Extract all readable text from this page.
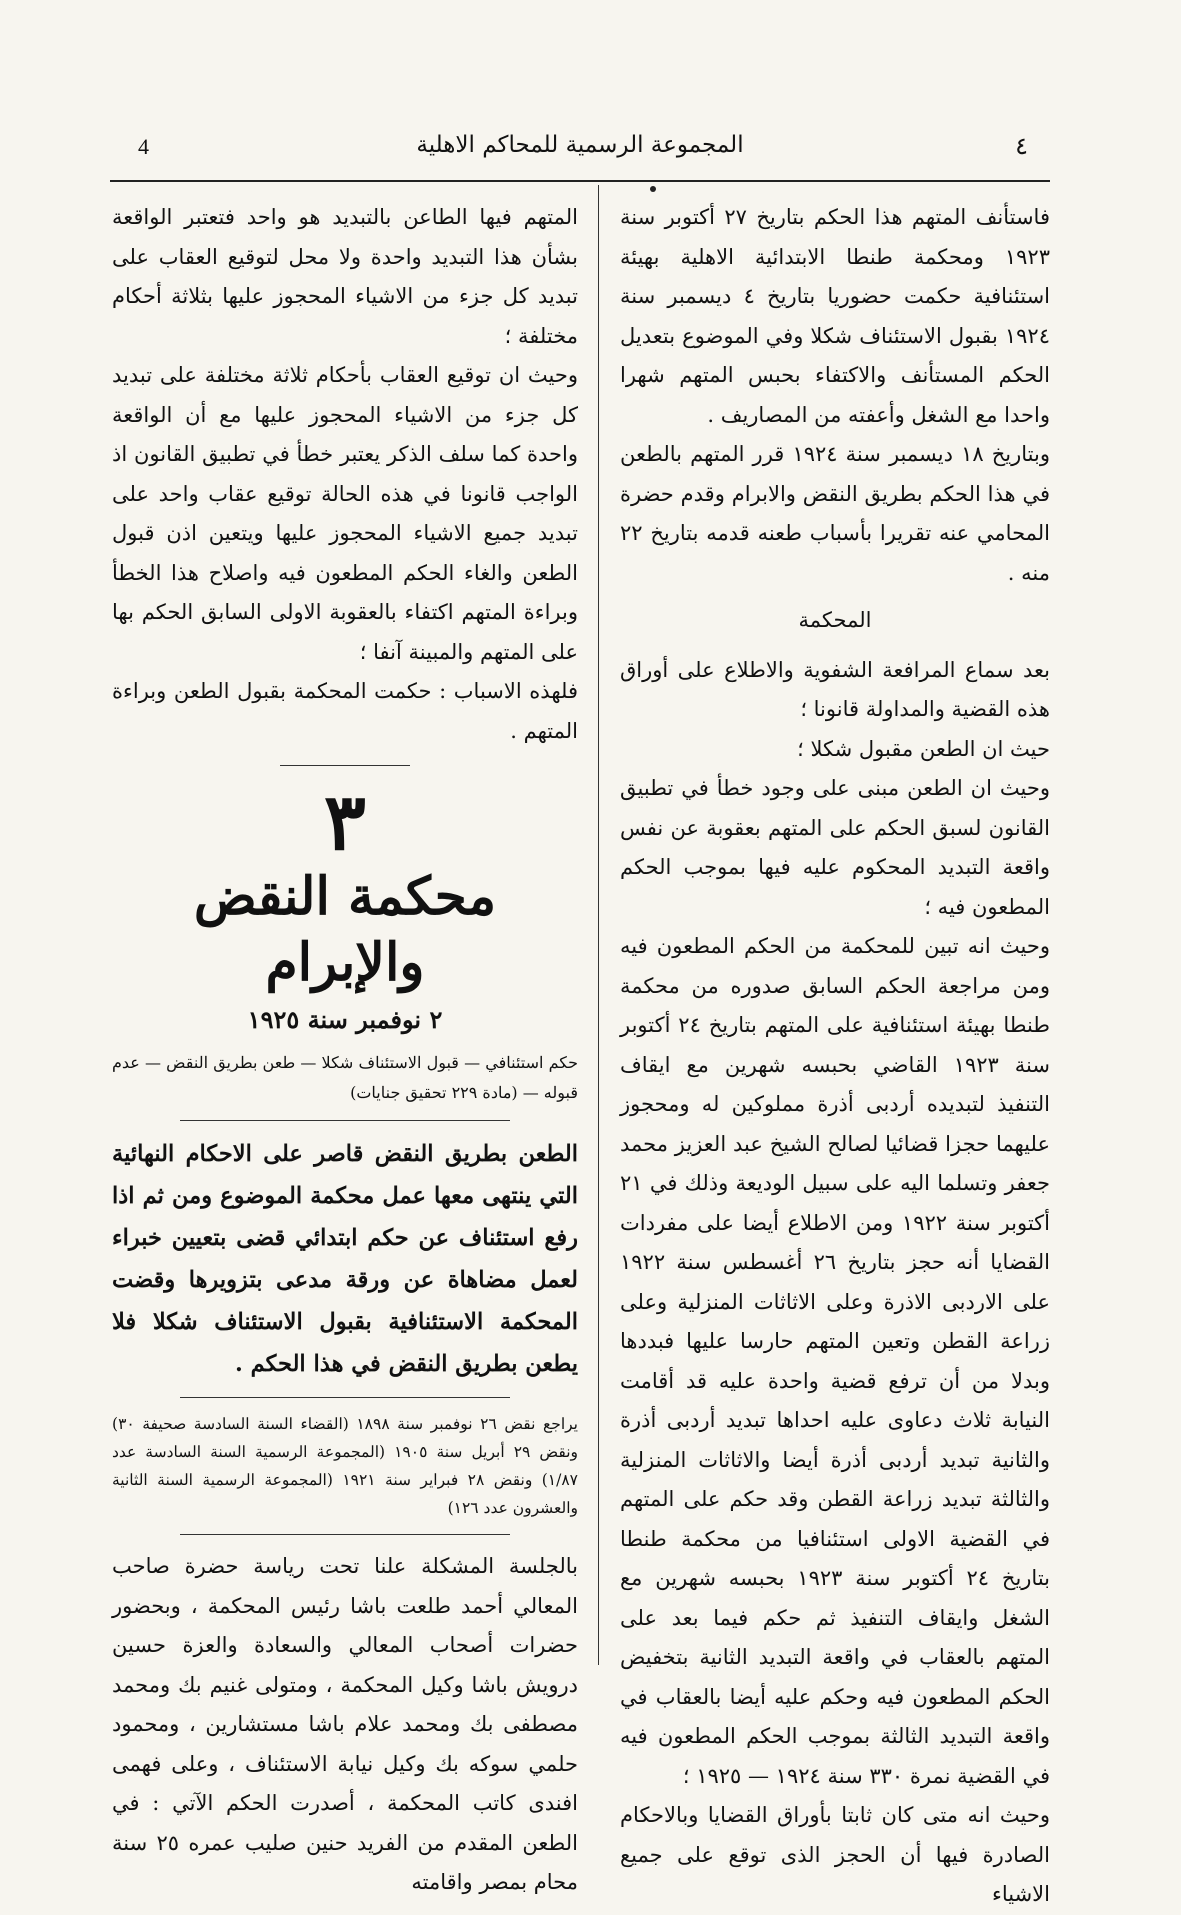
4	المجموعة الرسمية للمحاكم الاهلية	٤

فاستأنف المتهم هذا الحكم بتاريخ ٢٧ أكتوبر سنة ١٩٢٣ ومحكمة طنطا الابتدائية الاهلية بهيئة استئنافية حكمت حضوريا بتاريخ ٤ ديسمبر سنة ١٩٢٤ بقبول الاستئناف شكلا وفي الموضوع بتعديل الحكم المستأنف والاكتفاء بحبس المتهم شهرا واحدا مع الشغل وأعفته من المصاريف .

وبتاريخ ١٨ ديسمبر سنة ١٩٢٤ قرر المتهم بالطعن في هذا الحكم بطريق النقض والابرام وقدم حضرة المحامي عنه تقريرا بأسباب طعنه قدمه بتاريخ ٢٢ منه .

المحكمة

بعد سماع المرافعة الشفوية والاطلاع على أوراق هذه القضية والمداولة قانونا ؛

حيث ان الطعن مقبول شكلا ؛

وحيث ان الطعن مبنى على وجود خطأ في تطبيق القانون لسبق الحكم على المتهم بعقوبة عن نفس واقعة التبديد المحكوم عليه فيها بموجب الحكم المطعون فيه ؛

وحيث انه تبين للمحكمة من الحكم المطعون فيه ومن مراجعة الحكم السابق صدوره من محكمة طنطا بهيئة استئنافية على المتهم بتاريخ ٢٤ أكتوبر سنة ١٩٢٣ القاضي بحبسه شهرين مع ايقاف التنفيذ لتبديده أردبى أذرة مملوكين له ومحجوز عليهما حجزا قضائيا لصالح الشيخ عبد العزيز محمد جعفر وتسلما اليه على سبيل الوديعة وذلك في ٢١ أكتوبر سنة ١٩٢٢ ومن الاطلاع أيضا على مفردات القضايا أنه حجز بتاريخ ٢٦ أغسطس سنة ١٩٢٢ على الاردبى الاذرة وعلى الاثاثات المنزلية وعلى زراعة القطن وتعين المتهم حارسا عليها فبددها وبدلا من أن ترفع قضية واحدة عليه قد أقامت النيابة ثلاث دعاوى عليه احداها تبديد أردبى أذرة والثانية تبديد أردبى أذرة أيضا والاثاثات المنزلية والثالثة تبديد زراعة القطن وقد حكم على المتهم في القضية الاولى استئنافيا من محكمة طنطا بتاريخ ٢٤ أكتوبر سنة ١٩٢٣ بحبسه شهرين مع الشغل وايقاف التنفيذ ثم حكم فيما بعد على المتهم بالعقاب في واقعة التبديد الثانية بتخفيض الحكم المطعون فيه وحكم عليه أيضا بالعقاب في واقعة التبديد الثالثة بموجب الحكم المطعون فيه في القضية نمرة ٣٣٠ سنة ١٩٢٤ — ١٩٢٥ ؛

وحيث انه متى كان ثابتا بأوراق القضايا وبالاحكام الصادرة فيها أن الحجز الذى توقع على جميع الاشياء

المتهم فيها الطاعن بالتبديد هو واحد فتعتبر الواقعة بشأن هذا التبديد واحدة ولا محل لتوقيع العقاب على تبديد كل جزء من الاشياء المحجوز عليها بثلاثة أحكام مختلفة ؛

وحيث ان توقيع العقاب بأحكام ثلاثة مختلفة على تبديد كل جزء من الاشياء المحجوز عليها مع أن الواقعة واحدة كما سلف الذكر يعتبر خطأ في تطبيق القانون اذ الواجب قانونا في هذه الحالة توقيع عقاب واحد على تبديد جميع الاشياء المحجوز عليها ويتعين اذن قبول الطعن والغاء الحكم المطعون فيه واصلاح هذا الخطأ وبراءة المتهم اكتفاء بالعقوبة الاولى السابق الحكم بها على المتهم والمبينة آنفا ؛

فلهذه الاسباب : حكمت المحكمة بقبول الطعن وبراءة المتهم .

٣
محكمة النقض والإبرام
٢ نوفمبر سنة ١٩٢٥

حكم استئنافي — قبول الاستئناف شكلا — طعن بطريق النقض — عدم قبوله — (مادة ٢٢٩ تحقيق جنايات)

الطعن بطريق النقض قاصر على الاحكام النهائية التي ينتهى معها عمل محكمة الموضوع ومن ثم اذا رفع استئناف عن حكم ابتدائي قضى بتعيين خبراء لعمل مضاهاة عن ورقة مدعى بتزويرها وقضت المحكمة الاستئنافية بقبول الاستئناف شكلا فلا يطعن بطريق النقض في هذا الحكم .

يراجع نقض ٢٦ نوفمبر سنة ١٨٩٨ (القضاء السنة السادسة صحيفة ٣٠) ونقض ٢٩ أبريل سنة ١٩٠٥ (المجموعة الرسمية السنة السادسة عدد ١/٨٧) ونقض ٢٨ فبراير سنة ١٩٢١ (المجموعة الرسمية السنة الثانية والعشرون عدد ١٢٦)

بالجلسة المشكلة علنا تحت رياسة حضرة صاحب المعالي أحمد طلعت باشا رئيس المحكمة ، وبحضور حضرات أصحاب المعالي والسعادة والعزة حسين درويش باشا وكيل المحكمة ، ومتولى غنيم بك ومحمد مصطفى بك ومحمد علام باشا مستشارين ، ومحمود حلمي سوكه بك وكيل نيابة الاستئناف ، وعلى فهمى افندى كاتب المحكمة ، أصدرت الحكم الآتي : في الطعن المقدم من الفريد حنين صليب عمره ٢٥ سنة محام بمصر واقامته
